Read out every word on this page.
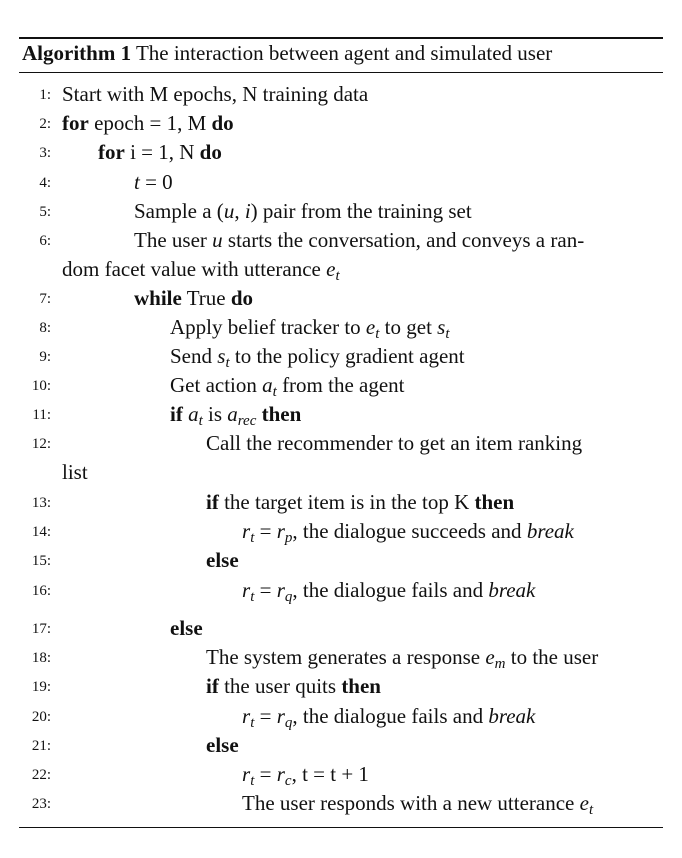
Algorithm 1 The interaction between agent and simulated user
1: Start with M epochs, N training data
2: for epoch = 1, M do
3: for i = 1, N do
4:	t = 0
5:	Sample a (u, i) pair from the training set
6:	The user u starts the conversation, and conveys a ran-
dom facet value with utterance $e_t$
7:	while True do
8:	Apply belief tracker to $e_t$ to get $s_t$
9:	Send $s_t$ to the policy gradient agent
10:	Get action $a_t$ from the agent
11:	if $a_t$ is $a_{rec}$ then
12:	Call the recommender to get an item ranking
list
13:	if the target item is in the top K then
14:	$r_t = r_p$, the dialogue succeeds and break
15:	else
16:	$r_t = r_q$, the dialogue fails and break
17:	else
18:	The system generates a response $e_m$ to the user
19:	if the user quits then
20:	$r_t = r_q$, the dialogue fails and break
21:	else
22:	$r_t = r_c$, t = t + 1
23:	The user responds with a new utterance $e_t$
